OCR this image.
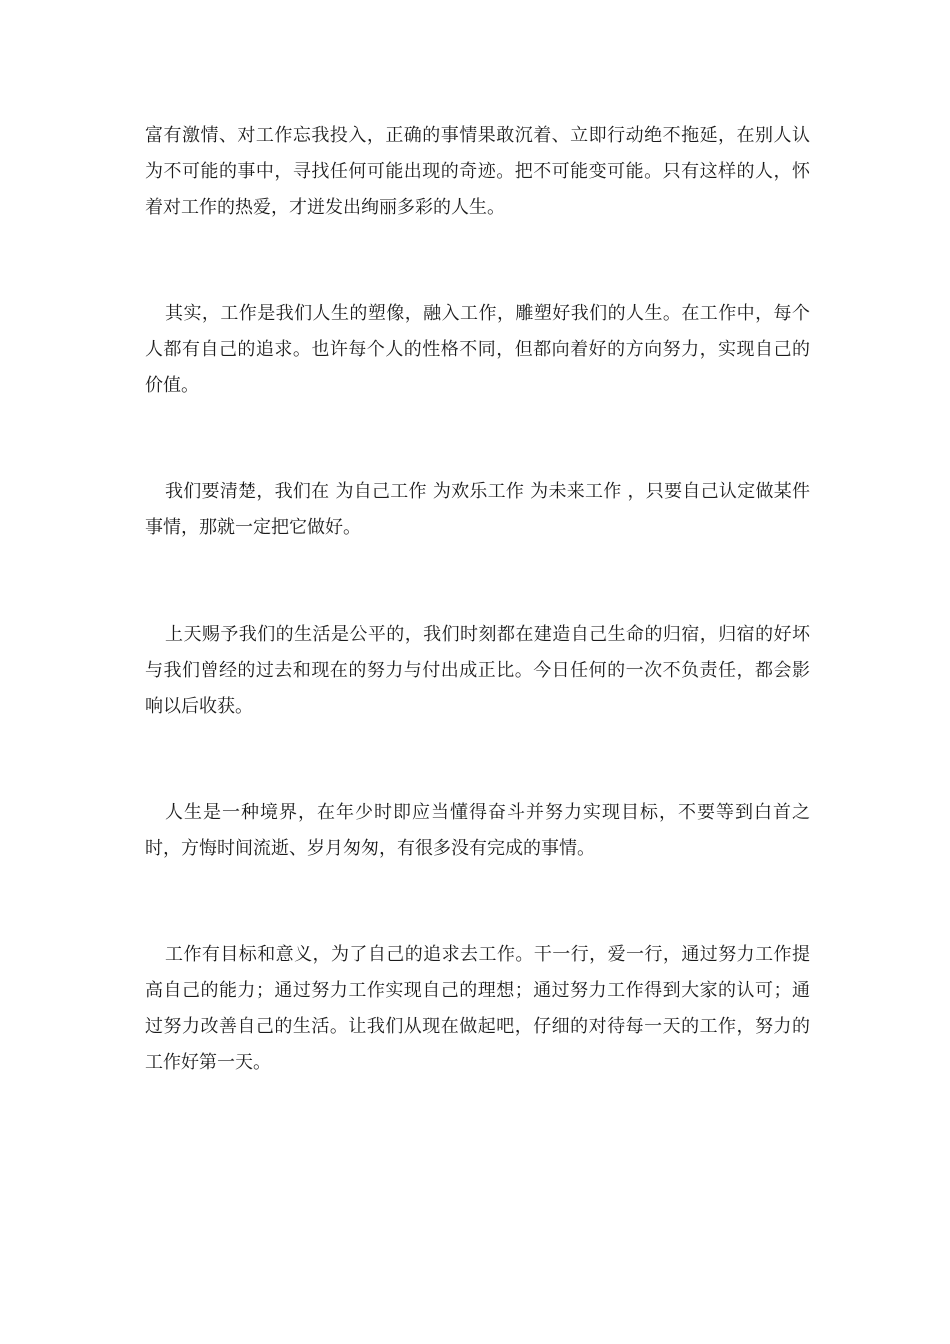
富有激情、对工作忘我投入，正确的事情果敢沉着、立即行动绝不拖延，在别人认为不可能的事中，寻找任何可能出现的奇迹。把不可能变可能。只有这样的人，怀着对工作的热爱，才迸发出绚丽多彩的人生。

其实，工作是我们人生的塑像，融入工作，雕塑好我们的人生。在工作中，每个人都有自己的追求。也许每个人的性格不同，但都向着好的方向努力，实现自己的价值。

我们要清楚，我们在 为自己工作 为欢乐工作 为未来工作 ，只要自己认定做某件事情，那就一定把它做好。

上天赐予我们的生活是公平的，我们时刻都在建造自己生命的归宿，归宿的好坏与我们曾经的过去和现在的努力与付出成正比。今日任何的一次不负责任，都会影响以后收获。

人生是一种境界，在年少时即应当懂得奋斗并努力实现目标，不要等到白首之时，方悔时间流逝、岁月匆匆，有很多没有完成的事情。

工作有目标和意义，为了自己的追求去工作。干一行，爱一行，通过努力工作提高自己的能力；通过努力工作实现自己的理想；通过努力工作得到大家的认可；通过努力改善自己的生活。让我们从现在做起吧，仔细的对待每一天的工作，努力的工作好第一天。
